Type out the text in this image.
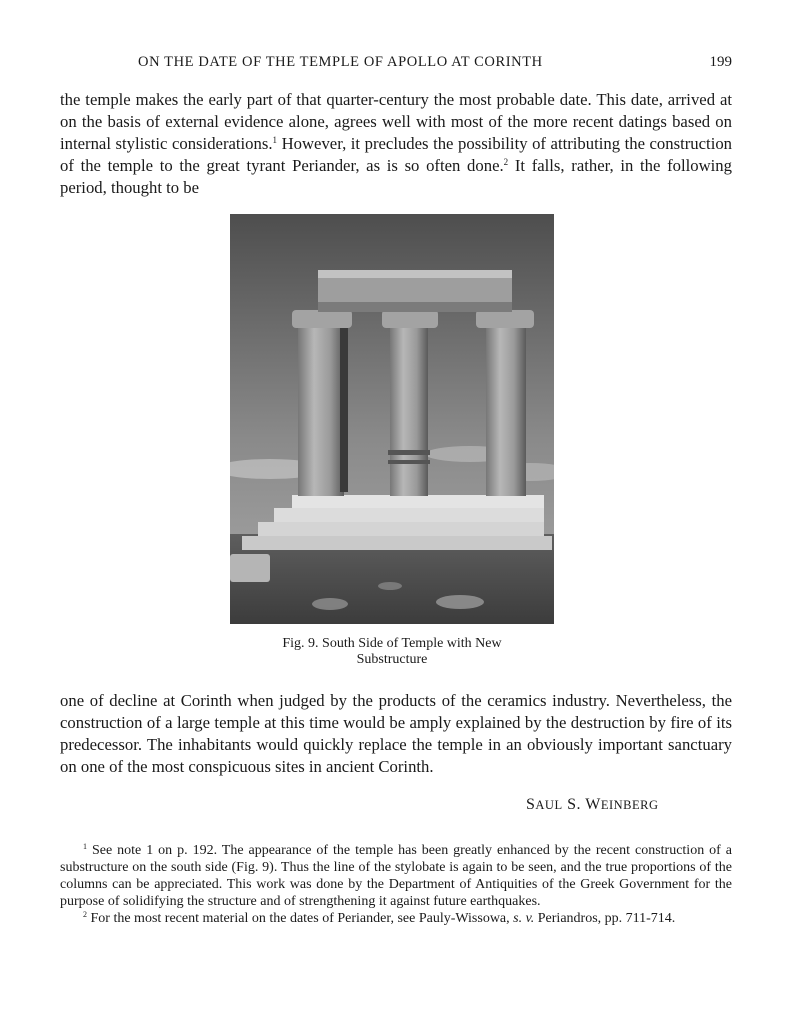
ON THE DATE OF THE TEMPLE OF APOLLO AT CORINTH	199

the temple makes the early part of that quarter-century the most probable date. This date, arrived at on the basis of external evidence alone, agrees well with most of the more recent datings based on internal stylistic considerations.$^1$ However, it precludes the possibility of attributing the construction of the temple to the great tyrant Periander, as is so often done.$^2$ It falls, rather, in the following period, thought to be

Fig. 9. South Side of Temple with New
Substructure

one of decline at Corinth when judged by the products of the ceramics industry. Nevertheless, the construction of a large temple at this time would be amply explained by the destruction by fire of its predecessor. The inhabitants would quickly replace the temple in an obviously important sanctuary on one of the most conspicuous sites in ancient Corinth.

SAUL S. WEINBERG

$^1$ See note 1 on p. 192. The appearance of the temple has been greatly enhanced by the recent construction of a substructure on the south side (Fig. 9). Thus the line of the stylobate is again to be seen, and the true proportions of the columns can be appreciated. This work was done by the Department of Antiquities of the Greek Government for the purpose of solidifying the structure and of strengthening it against future earthquakes.

$^2$ For the most recent material on the dates of Periander, see Pauly-Wissowa, s. v. Periandros, pp. 711-714.
